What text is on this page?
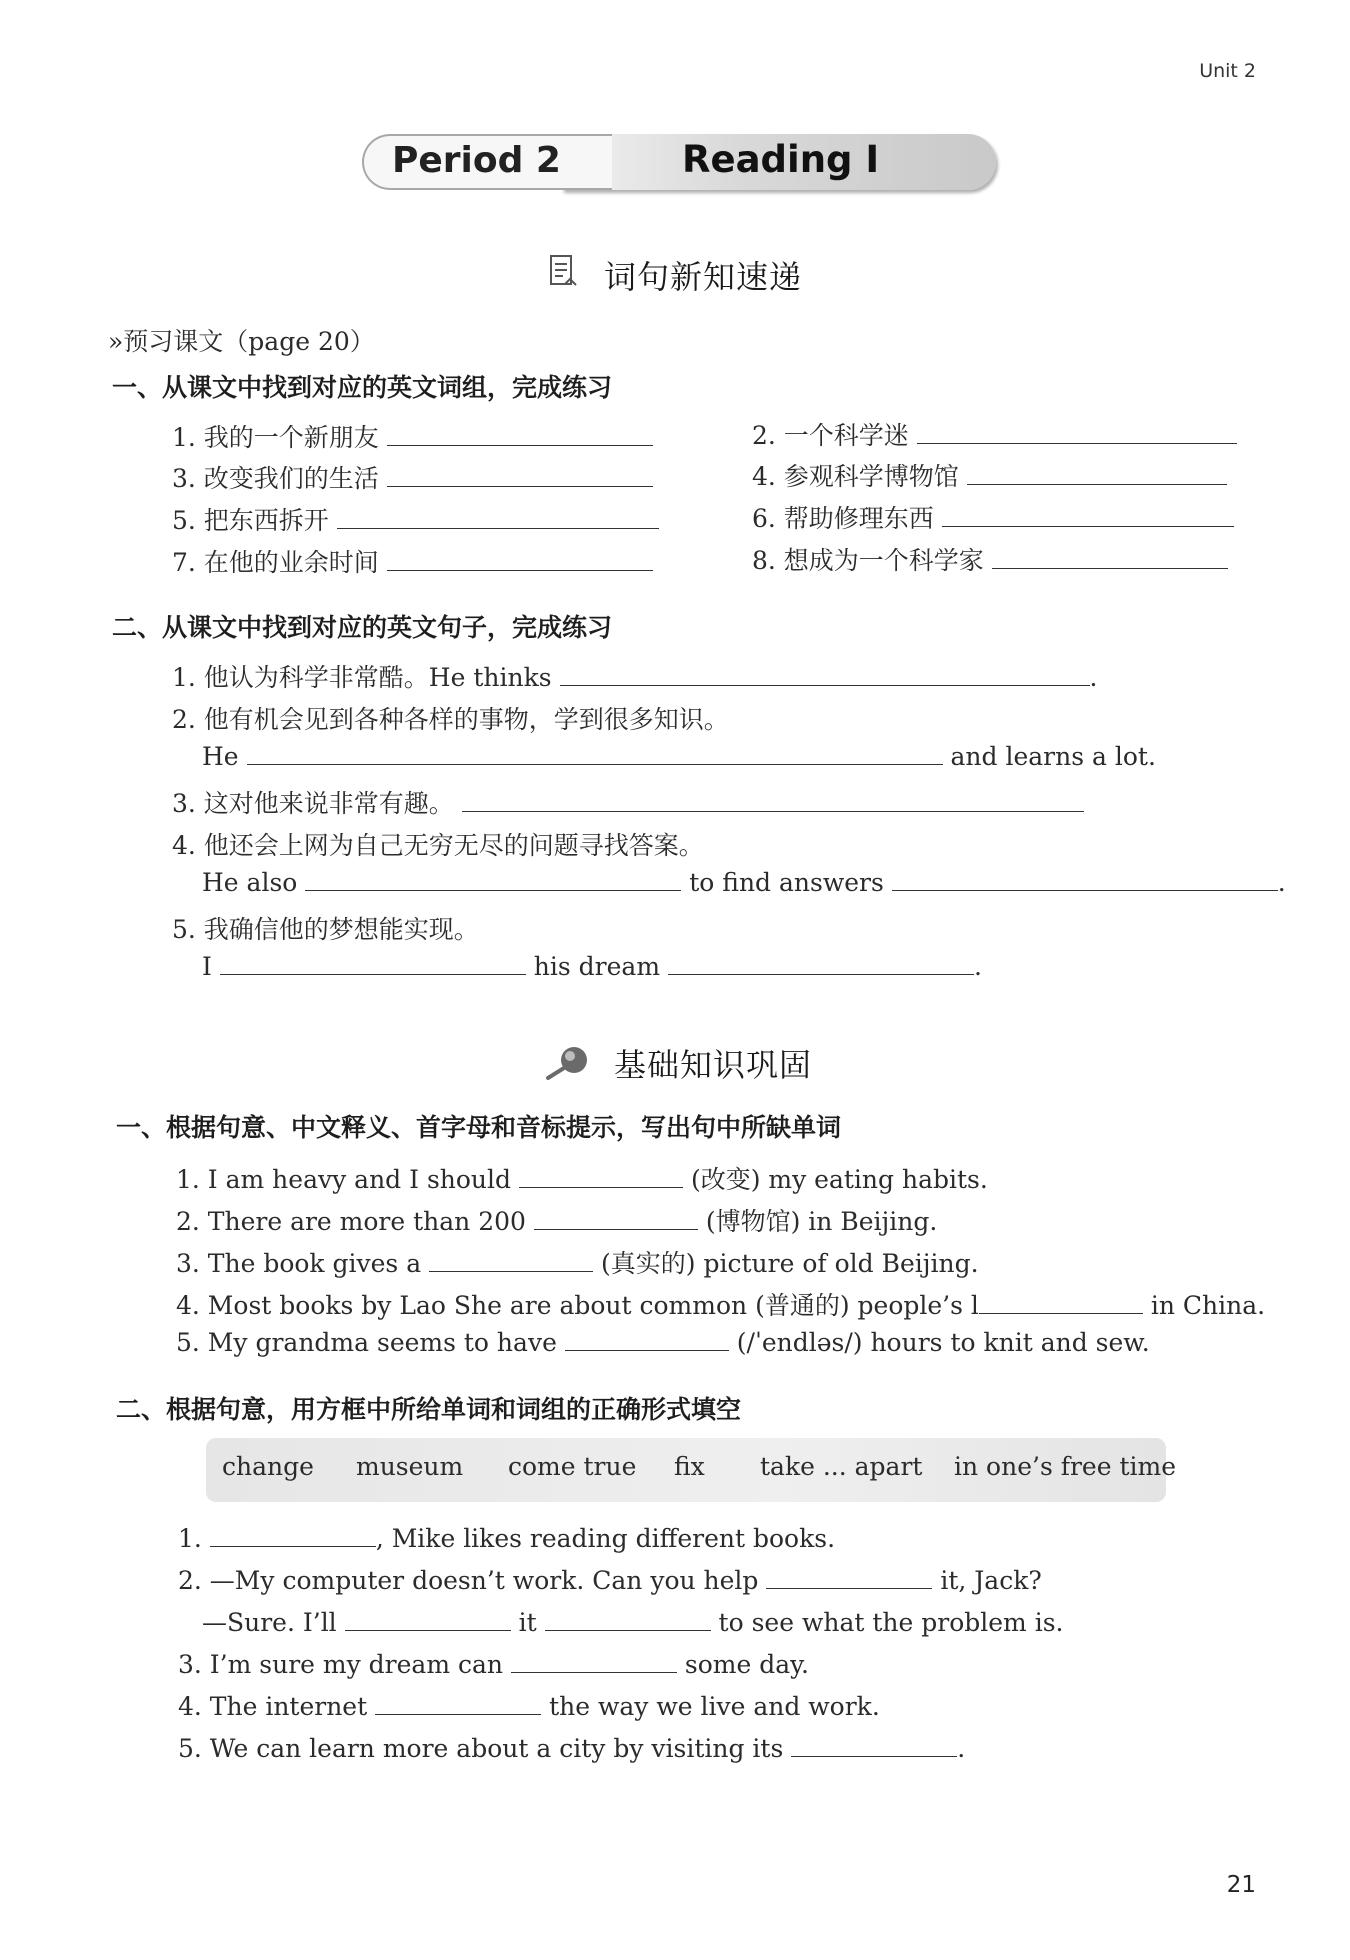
Unit 2
Period 2	Reading I
词句新知速递
»预习课文（page 20）
一、从课文中找到对应的英文词组，完成练习
1. 我的一个新朋友	2. 一个科学迷
3. 改变我们的生活	4. 参观科学博物馆
5. 把东西拆开	6. 帮助修理东西
7. 在他的业余时间	8. 想成为一个科学家
二、从课文中找到对应的英文句子，完成练习
1. 他认为科学非常酷。He thinks	.
2. 他有机会见到各种各样的事物，学到很多知识。
He	and learns a lot.
3. 这对他来说非常有趣。
4. 他还会上网为自己无穷无尽的问题寻找答案。
He also	to find answers	.
5. 我确信他的梦想能实现。
I	his dream	.
基础知识巩固
一、根据句意、中文释义、首字母和音标提示，写出句中所缺单词
1. I am heavy and I should	(改变) my eating habits.
2. There are more than 200	(博物馆) in Beijing.
3. The book gives a	(真实的) picture of old Beijing.
4. Most books by Lao She are about common (普通的) people’s l	in China.
5. My grandma seems to have	(/ˈendləs/) hours to knit and sew.
二、根据句意，用方框中所给单词和词组的正确形式填空
change museum come true fix take ... apart in one’s free time
1.	, Mike likes reading different books.
2. —My computer doesn’t work. Can you help	it, Jack?
—Sure. I’ll	it	to see what the problem is.
3. I’m sure my dream can	some day.
4. The internet	the way we live and work.
5. We can learn more about a city by visiting its	.
21
